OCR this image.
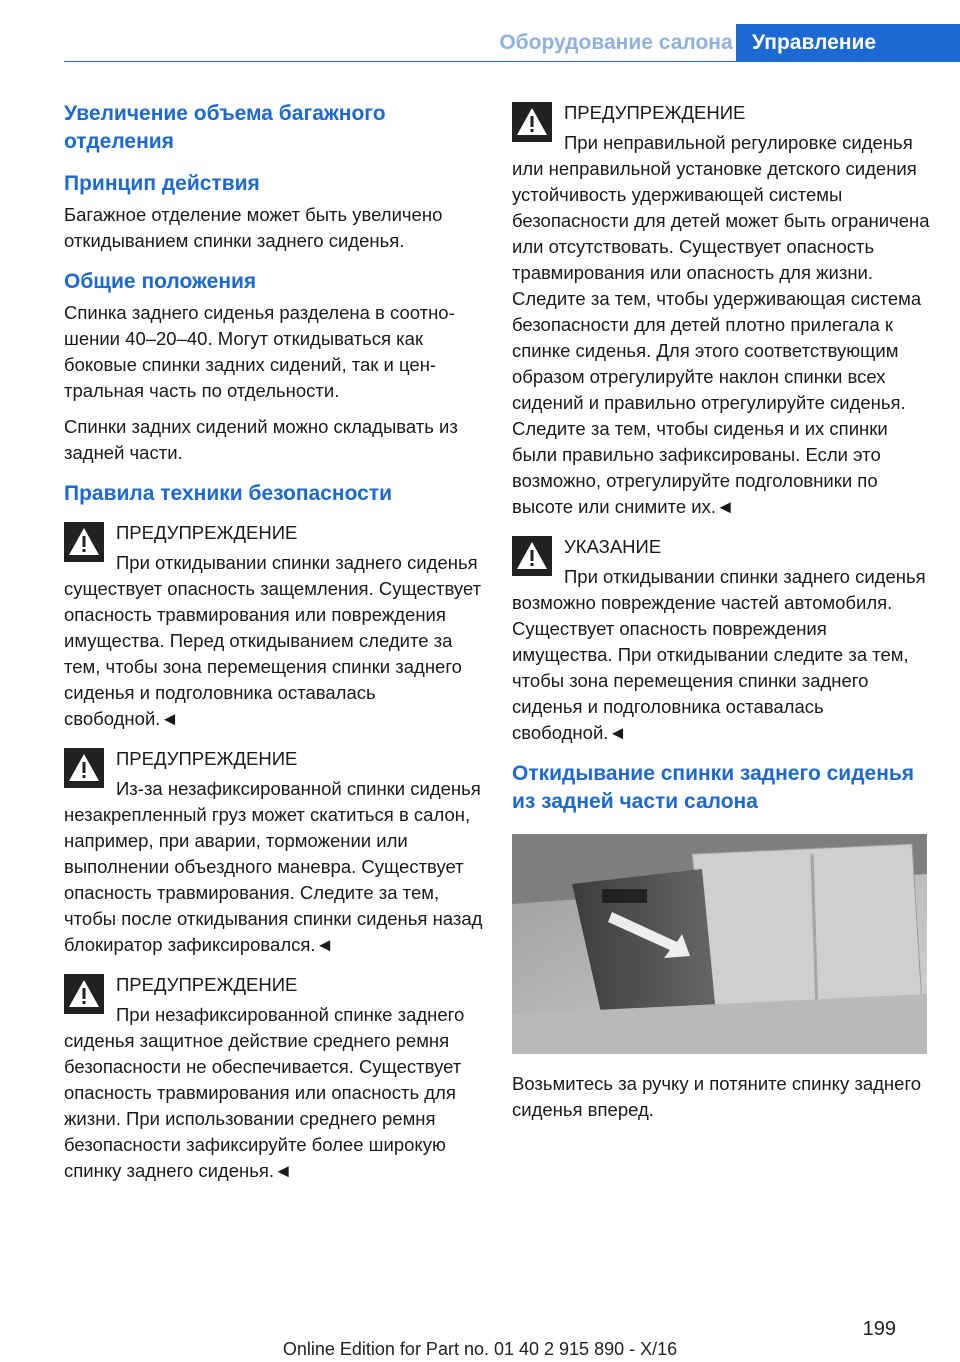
Оборудование салона Управление
Увеличение объема багажного отделения
Принцип действия

Багажное отделение может быть увеличено откидыванием спинки заднего сиденья.

Общие положения

Спинка заднего сиденья разделена в соотношении 40–20–40. Могут откидываться как боковые спинки задних сидений, так и центральная часть по отдельности.

Спинки задних сидений можно складывать из задней части.

Правила техники безопасности
ПРЕДУПРЕЖДЕНИЕ
При откидывании спинки заднего сиденья существует опасность защемления. Существует опасность травмирования или повреждения имущества. Перед откидыванием следите за тем, чтобы зона перемещения спинки заднего сиденья и подголовника оставалась свободной.◄
ПРЕДУПРЕЖДЕНИЕ
Из-за незафиксированной спинки сиденья незакрепленный груз может скатиться в салон, например, при аварии, торможении или выполнении объездного маневра. Существует опасность травмирования. Следите за тем, чтобы после откидывания спинки сиденья назад блокиратор зафиксировался.◄
ПРЕДУПРЕЖДЕНИЕ
При незафиксированной спинке заднего сиденья защитное действие среднего ремня безопасности не обеспечивается. Существует опасность травмирования или опасность для жизни. При использовании среднего ремня безопасности зафиксируйте более широкую спинку заднего сиденья.◄
ПРЕДУПРЕЖДЕНИЕ
При неправильной регулировке сиденья или неправильной установке детского сидения устойчивость удерживающей системы безопасности для детей может быть ограничена или отсутствовать. Существует опасность травмирования или опасность для жизни. Следите за тем, чтобы удерживающая система безопасности для детей плотно прилегала к спинке сиденья. Для этого соответствующим образом отрегулируйте наклон спинки всех сидений и правильно отрегулируйте сиденья. Следите за тем, чтобы сиденья и их спинки были правильно зафиксированы. Если это возможно, отрегулируйте подголовники по высоте или снимите их.◄
УКАЗАНИЕ
При откидывании спинки заднего сиденья возможно повреждение частей автомобиля. Существует опасность повреждения имущества. При откидывании следите за тем, чтобы зона перемещения спинки заднего сиденья и подголовника оставалась свободной.◄
Откидывание спинки заднего сиденья из задней части салона

Возьмитесь за ручку и потяните спинку заднего сиденья вперед.

199
Online Edition for Part no. 01 40 2 915 890 - X/16
